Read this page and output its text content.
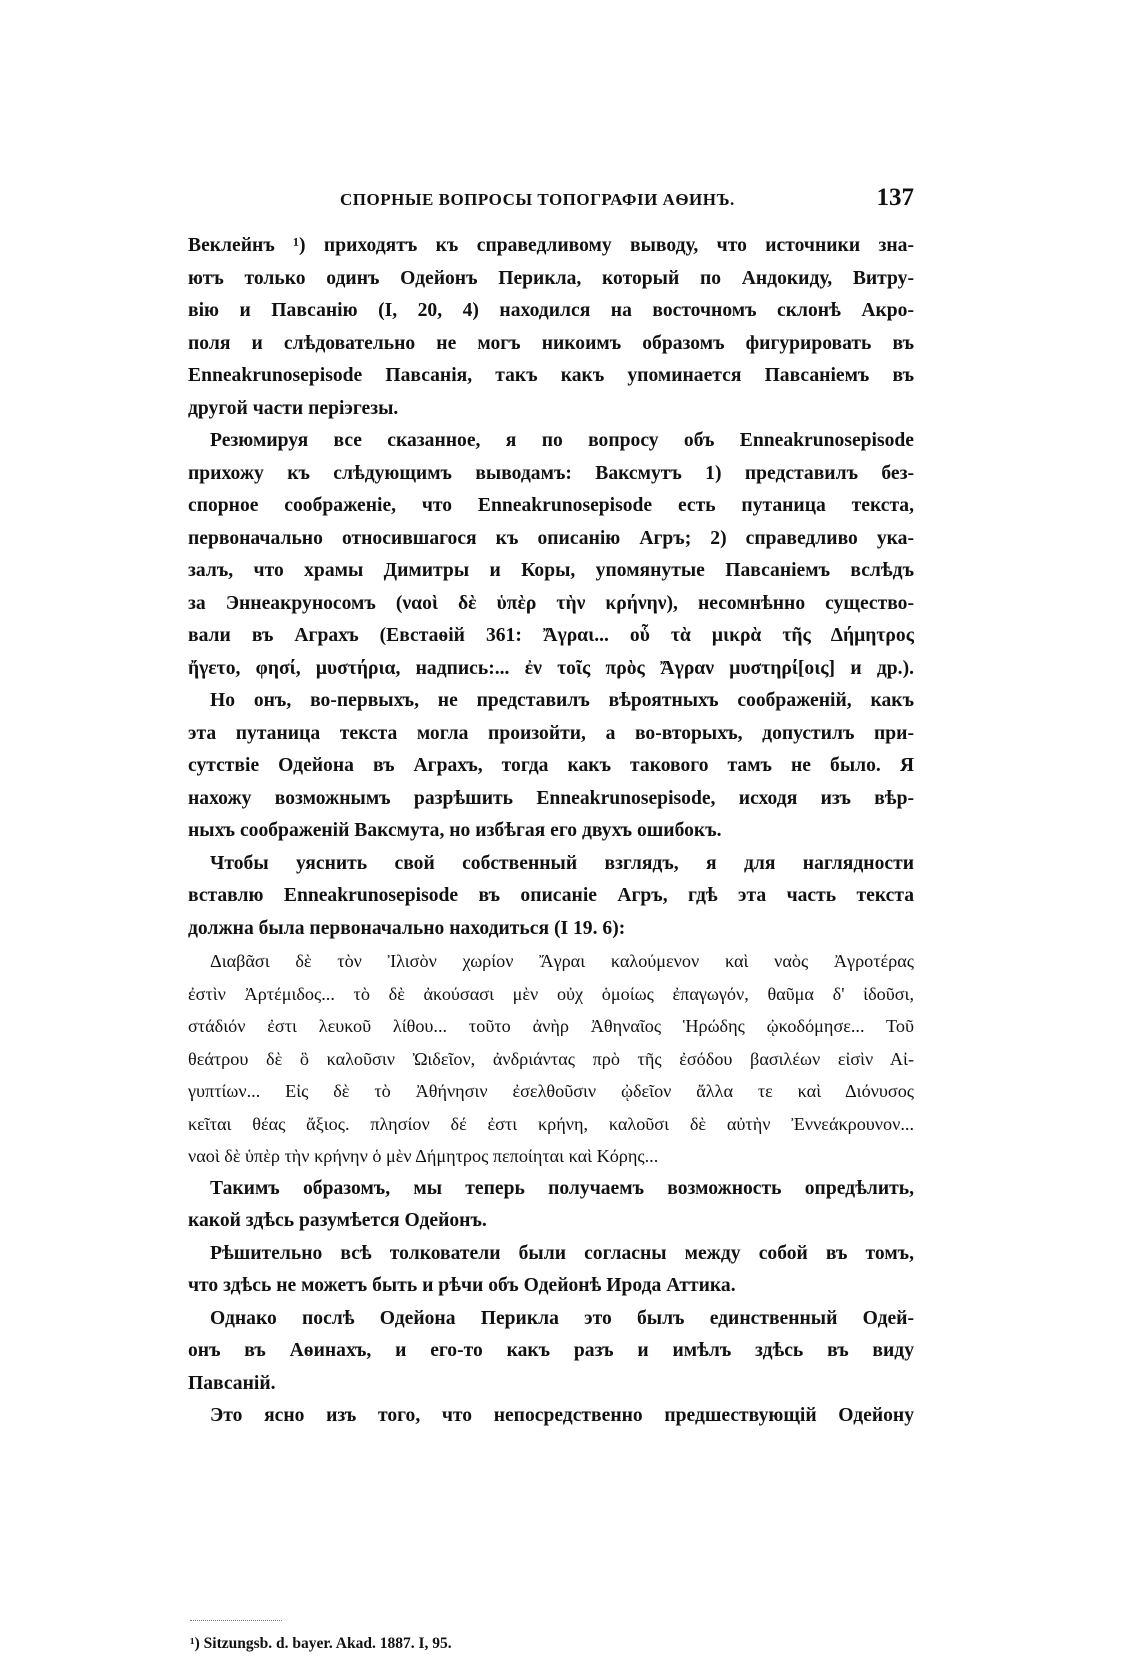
СПОРНЫЕ ВОПРОСЫ ТОПОГРАФІИ АѲИНЪ.	137
Веклейнъ ¹) приходятъ къ справедливому выводу, что источники зна-
ютъ только одинъ Одейонъ Перикла, который по Андокиду, Витру-
вію и Павсанію (I, 20, 4) находился на восточномъ склонѣ Акро-
поля и слѣдовательно не могъ никоимъ образомъ фигурировать въ
Enneakrunosepisode Павсанія, такъ какъ упоминается Павсаніемъ въ
другой части періэгезы.
Резюмируя все сказанное, я по вопросу объ Enneakrunosepisode
прихожу къ слѣдующимъ выводамъ: Ваксмутъ 1) представилъ без-
спорное соображеніе, что Enneakrunosepisode есть путаница текста,
первоначально относившагося къ описанію Агръ; 2) справедливо ука-
залъ, что храмы Димитры и Коры, упомянутые Павсаніемъ вслѣдъ
за Эннеакруносомъ (ναοὶ δὲ ὑπὲρ τὴν κρήνην), несомнѣнно существо-
вали въ Аграхъ (Евстаѳій 361: Ἄγραι... οὗ τὰ μικρὰ τῆς Δήμητρος
ἤγετο, φησί, μυστήρια, надпись:... ἐν τοῖς πρὸς Ἄγραν μυστηρί[οις] и др.).
Но онъ, во-первыхъ, не представилъ вѣроятныхъ соображеній, какъ
эта путаница текста могла произойти, а во-вторыхъ, допустилъ при-
сутствіе Одейона въ Аграхъ, тогда какъ такового тамъ не было. Я
нахожу возможнымъ разрѣшить Enneakrunosepisode, исходя изъ вѣр-
ныхъ соображеній Ваксмута, но избѣгая его двухъ ошибокъ.
Чтобы уяснить свой собственный взглядъ, я для наглядности
вставлю Enneakrunosepisode въ описаніе Агръ, гдѣ эта часть текста
должна была первоначально находиться (I 19. 6):
Διαβᾶσι δὲ τὸν Ἰλισὸν χωρίον Ἄγραι καλούμενον καὶ ναὸς Ἀγροτέρας
ἐστὶν Ἀρτέμιδος... τὸ δὲ ἀκούσασι μὲν οὐχ ὁμοίως ἐπαγωγόν, θαῦμα δ' ἰδοῦσι,
στάδιόν ἐστι λευκοῦ λίθου... τοῦτο ἀνὴρ Ἀθηναῖος Ἡρώδης ᾠκοδόμησε... Τοῦ
θεάτρου δὲ ὃ καλοῦσιν Ὠιδεῖον, ἀνδριάντας πρὸ τῆς ἐσόδου βασιλέων εἰσὶν Αἰ-
γυπτίων... Εἰς δὲ τὸ Ἀθήνησιν ἐσελθοῦσιν ᾠδεῖον ἄλλα τε καὶ Διόνυσος
κεῖται θέας ἄξιος. πλησίον δέ ἐστι κρήνη, καλοῦσι δὲ αὐτὴν Ἐννεάκρουνον...
ναοὶ δὲ ὑπὲρ τὴν κρήνην ὁ μὲν Δήμητρος πεποίηται καὶ Κόρης...
Такимъ образомъ, мы теперь получаемъ возможность опредѣлить,
какой здѣсь разумѣется Одейонъ.
Рѣшительно всѣ толкователи были согласны между собой въ томъ,
что здѣсь не можетъ быть и рѣчи объ Одейонѣ Ирода Аттика.
Однако послѣ Одейона Перикла это былъ единственный Одей-
онъ въ Аѳинахъ, и его-то какъ разъ и имѣлъ здѣсь въ виду
Павсаній.
Это ясно изъ того, что непосредственно предшествующій Одейону
¹) Sitzungsb. d. bayer. Akad. 1887. I, 95.
